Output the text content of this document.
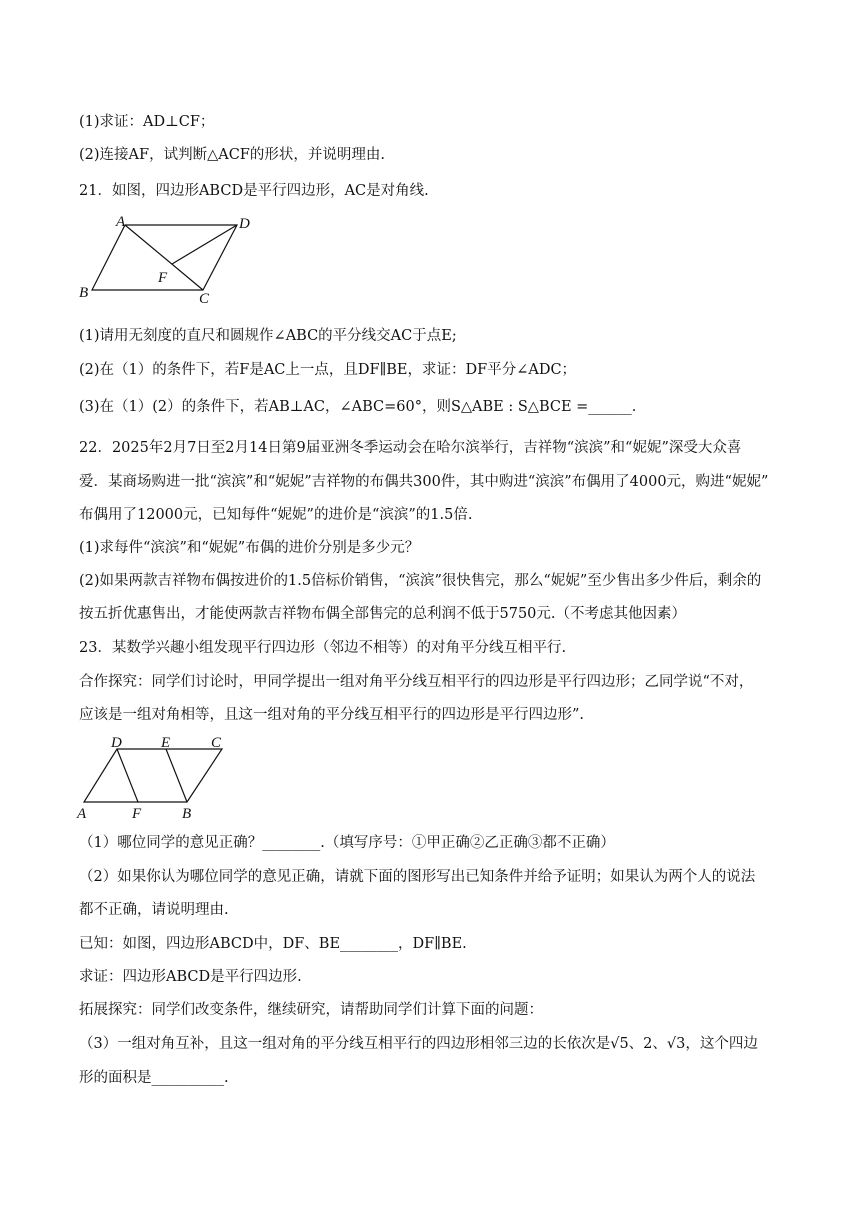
(1)求证：AD⊥CF；
(2)连接AF，试判断△ACF的形状，并说明理由.
21．如图，四边形ABCD是平行四边形，AC是对角线.
A	D
B	C
F
(1)请用无刻度的直尺和圆规作∠ABC的平分线交AC于点E;
(2)在（1）的条件下，若F是AC上一点，且DF∥BE，求证：DF平分∠ADC；
(3)在（1）(2）的条件下，若AB⊥AC，∠ABC=60°，则S△ABE : S△BCE =______.
22．2025年2月7日至2月14日第9届亚洲冬季运动会在哈尔滨举行，吉祥物“滨滨”和“妮妮”深受大众喜
爱．某商场购进一批“滨滨”和“妮妮”吉祥物的布偶共300件，其中购进“滨滨”布偶用了4000元，购进“妮妮”
布偶用了12000元，已知每件“妮妮”的进价是“滨滨”的1.5倍.
(1)求每件“滨滨”和“妮妮”布偶的进价分别是多少元？
(2)如果两款吉祥物布偶按进价的1.5倍标价销售，“滨滨”很快售完，那么“妮妮”至少售出多少件后，剩余的
按五折优惠售出，才能使两款吉祥物布偶全部售完的总利润不低于5750元.（不考虑其他因素）
23．某数学兴趣小组发现平行四边形（邻边不相等）的对角平分线互相平行.
合作探究：同学们讨论时，甲同学提出一组对角平分线互相平行的四边形是平行四边形；乙同学说“不对，
应该是一组对角相等，且这一组对角的平分线互相平行的四边形是平行四边形”.
D	E	C
A	F	B
（1）哪位同学的意见正确？________.（填写序号：①甲正确②乙正确③都不正确）
（2）如果你认为哪位同学的意见正确，请就下面的图形写出已知条件并给予证明；如果认为两个人的说法
都不正确，请说明理由.
已知：如图，四边形ABCD中，DF、BE________，DF∥BE.
求证：四边形ABCD是平行四边形.
拓展探究：同学们改变条件，继续研究，请帮助同学们计算下面的问题：
（3）一组对角互补，且这一组对角的平分线互相平行的四边形相邻三边的长依次是√5、2、√3，这个四边
形的面积是__________.
